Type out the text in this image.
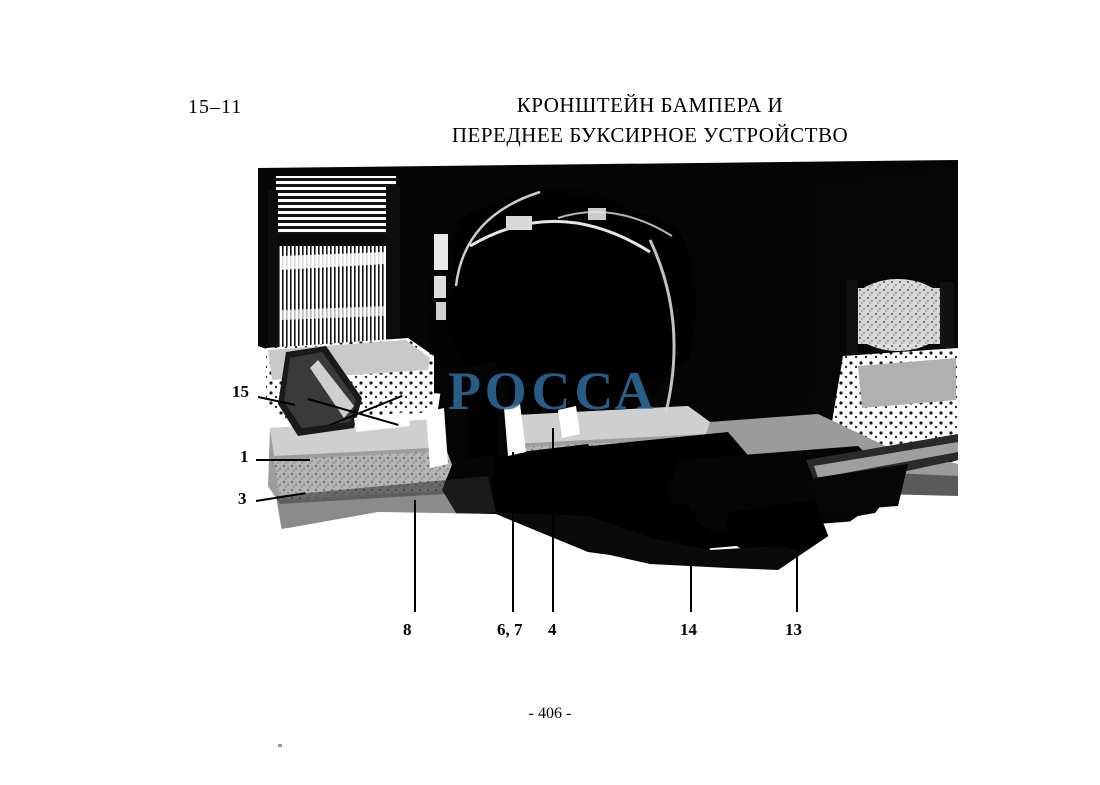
15–11	КРОНШТЕЙН БАМПЕРА И
ПЕРЕДНЕЕ БУКСИРНОЕ УСТРОЙСТВО
РОССА
15
1
3
8	6, 7 4	14	13
- 406 -
